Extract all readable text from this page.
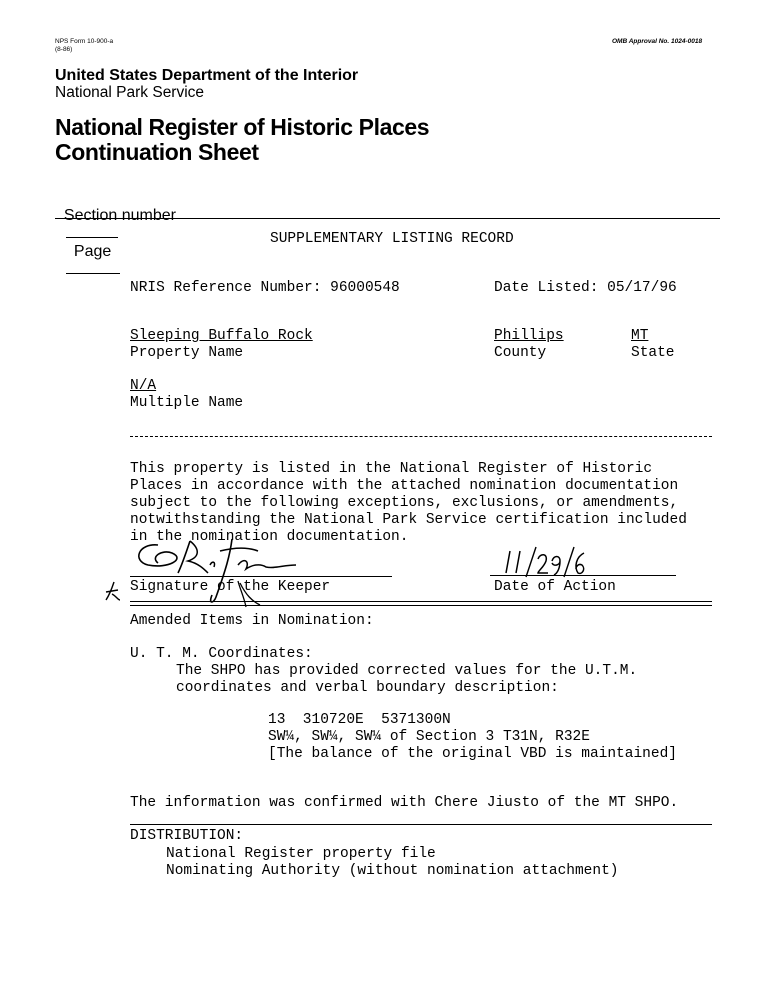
NPS Form 10-900-a
(8-86)
OMB Approval No. 1024-0018
United States Department of the Interior
National Park Service
National Register of Historic Places
Continuation Sheet

Section number

Page

SUPPLEMENTARY LISTING RECORD
NRIS Reference Number: 96000548	Date Listed: 05/17/96
Sleeping Buffalo Rock
Property Name
Phillips
County
MT
State
N/A
Multiple Name

This property is listed in the National Register of Historic
Places in accordance with the attached nomination documentation
subject to the following exceptions, exclusions, or amendments,
notwithstanding the National Park Service certification included
in the nomination documentation.

Signature of the Keeper	Date of Action
Amended Items in Nomination:
U. T. M. Coordinates:
The SHPO has provided corrected values for the U.T.M.
coordinates and verbal boundary description:
13  310720E  5371300N
SW¼, SW¼, SW¼ of Section 3 T31N, R32E
[The balance of the original VBD is maintained]
The information was confirmed with Chere Jiusto of the MT SHPO.
DISTRIBUTION:
National Register property file
Nominating Authority (without nomination attachment)
